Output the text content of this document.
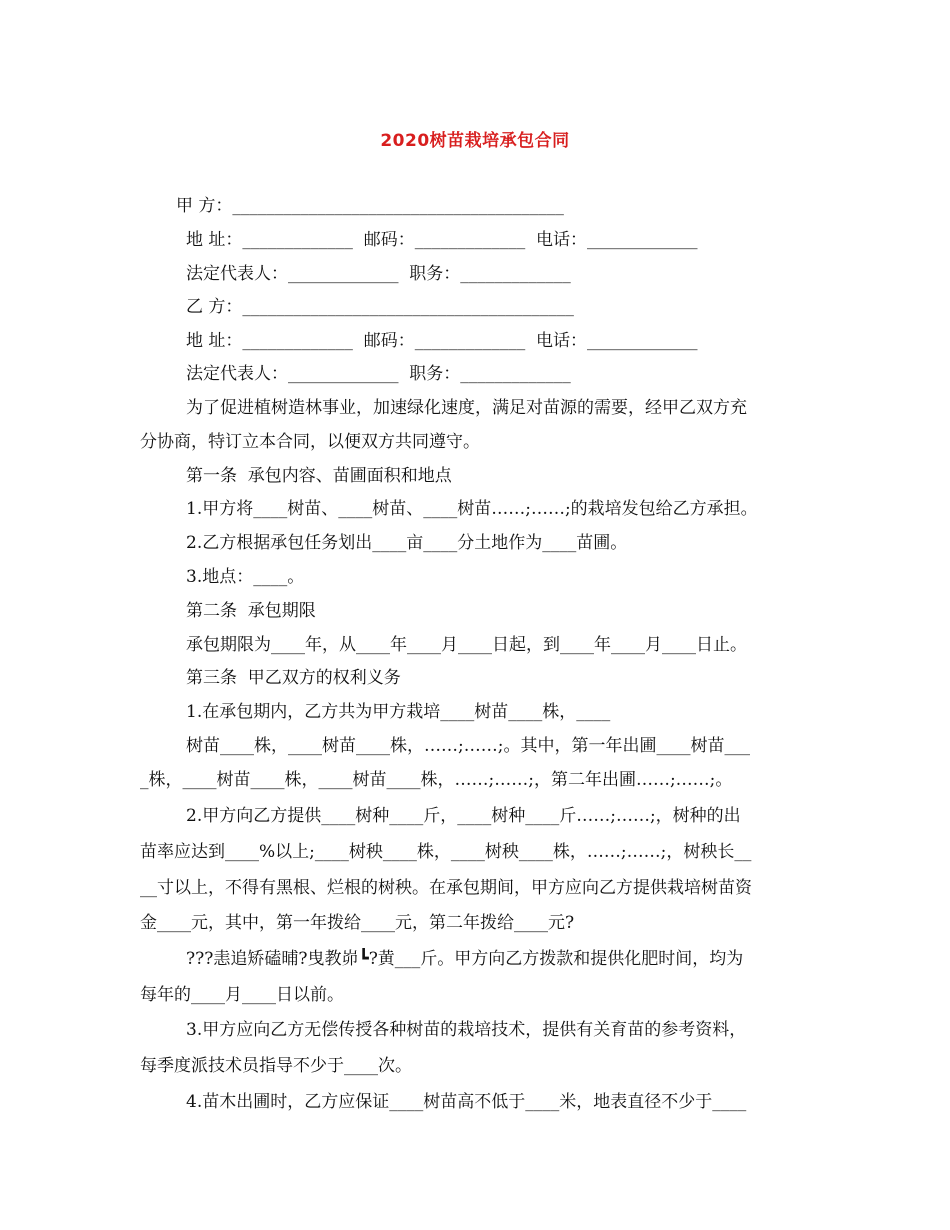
2020树苗栽培承包合同
甲 方：_______________________________________
地 址：_____________  邮码：_____________  电话：_____________
法定代表人：_____________  职务：_____________
乙 方：_______________________________________
地 址：_____________  邮码：_____________  电话：_____________
法定代表人：_____________  职务：_____________
为了促进植树造林事业，加速绿化速度，满足对苗源的需要，经甲乙双方充
分协商，特订立本合同，以便双方共同遵守。
第一条  承包内容、苗圃面积和地点
1.甲方将____树苗、____树苗、____树苗……;……;的栽培发包给乙方承担。
2.乙方根据承包任务划出____亩____分土地作为____苗圃。
3.地点：____。
第二条  承包期限
承包期限为____年，从____年____月____日起，到____年____月____日止。
第三条  甲乙双方的权利义务
1.在承包期内，乙方共为甲方栽培____树苗____株，____
树苗____株，____树苗____株，……;……;。其中，第一年出圃____树苗___
_株，____树苗____株，____树苗____株，……;……;，第二年出圃……;……;。
2.甲方向乙方提供____树种____斤，____树种____斤……;……;，树种的出
苗率应达到____%以上;____树秧____株，____树秧____株，……;……;，树秧长__
__寸以上，不得有黑根、烂根的树秧。在承包期间，甲方应向乙方提供栽培树苗资
金____元，其中，第一年拨给____元，第二年拨给____元?
???恚追矫磕晡?曳教峁┗?黄___斤。甲方向乙方拨款和提供化肥时间，均为
每年的____月____日以前。
3.甲方应向乙方无偿传授各种树苗的栽培技术，提供有关育苗的参考资料，
每季度派技术员指导不少于____次。
4.苗木出圃时，乙方应保证____树苗高不低于____米，地表直径不少于____
